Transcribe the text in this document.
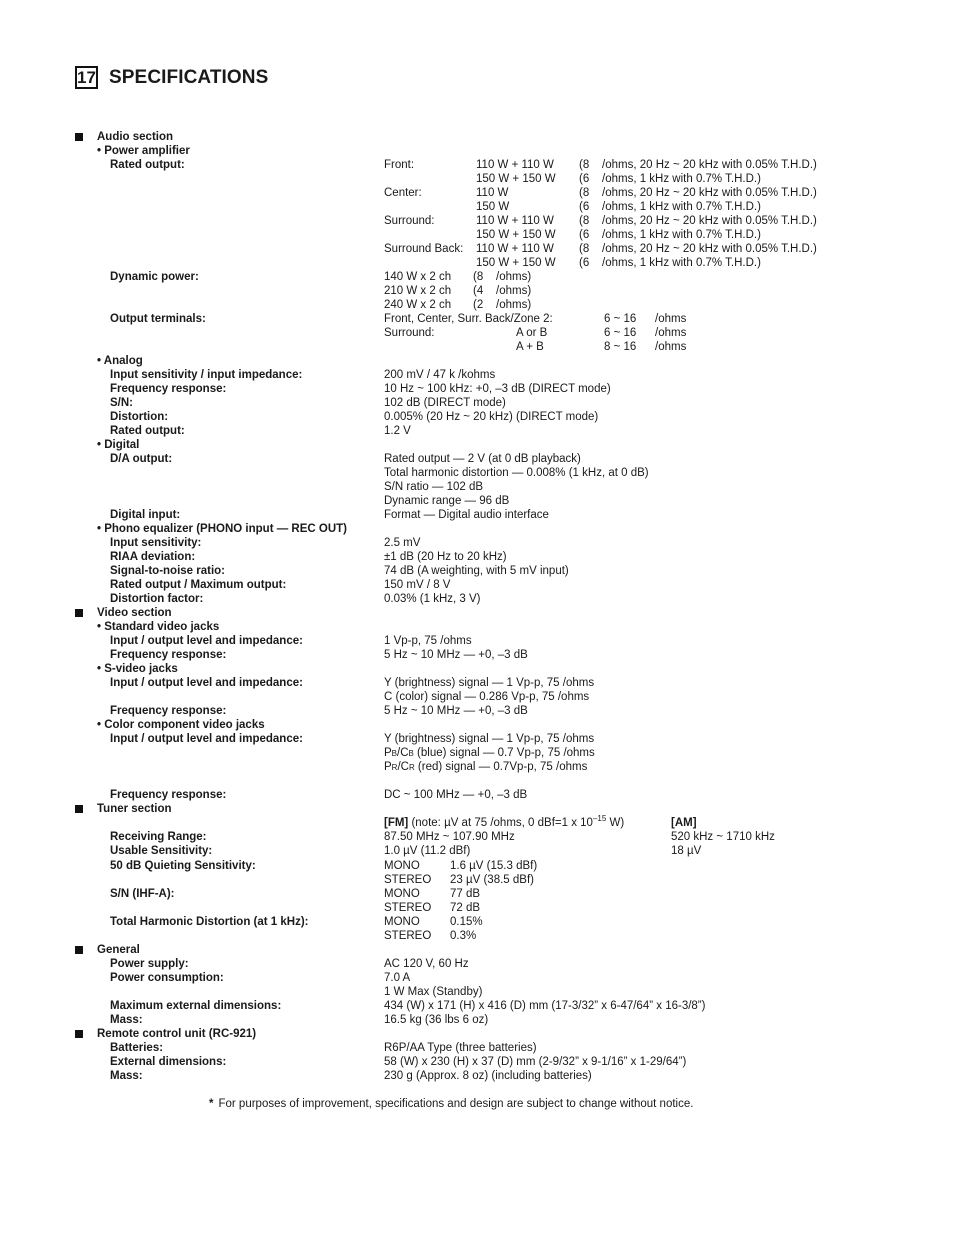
17 SPECIFICATIONS
Audio section
• Power amplifier
Rated output:	Front:	110 W + 110 W (8 /ohms, 20 Hz ~ 20 kHz with 0.05% T.H.D.)
150 W + 150 W (6 /ohms, 1 kHz with 0.7% T.H.D.)
Center:	110 W	(8 /ohms, 20 Hz ~ 20 kHz with 0.05% T.H.D.)
150 W	(6 /ohms, 1 kHz with 0.7% T.H.D.)
Surround:	110 W + 110 W (8 /ohms, 20 Hz ~ 20 kHz with 0.05% T.H.D.)
150 W + 150 W (6 /ohms, 1 kHz with 0.7% T.H.D.)
Surround Back: 110 W + 110 W (8 /ohms, 20 Hz ~ 20 kHz with 0.05% T.H.D.)
150 W + 150 W (6 /ohms, 1 kHz with 0.7% T.H.D.)
Dynamic power:	140 W x 2 ch (8 /ohms)
210 W x 2 ch (4 /ohms)
240 W x 2 ch (2 /ohms)
Output terminals:	Front, Center, Surr. Back/Zone 2:	6 ~ 16 /ohms
Surround:	A or B	6 ~ 16 /ohms
A + B	8 ~ 16 /ohms
• Analog
Input sensitivity / input impedance:	200 mV / 47 k /kohms
Frequency response:	10 Hz ~ 100 kHz: +0, –3 dB (DIRECT mode)
S/N:	102 dB (DIRECT mode)
Distortion:	0.005% (20 Hz ~ 20 kHz) (DIRECT mode)
Rated output:	1.2 V
• Digital
D/A output:	Rated output — 2 V (at 0 dB playback)
Total harmonic distortion — 0.008% (1 kHz, at 0 dB)
S/N ratio — 102 dB
Dynamic range — 96 dB
Digital input:	Format — Digital audio interface
• Phono equalizer (PHONO input — REC OUT)
Input sensitivity:	2.5 mV
RIAA deviation:	±1 dB (20 Hz to 20 kHz)
Signal-to-noise ratio:	74 dB (A weighting, with 5 mV input)
Rated output / Maximum output:	150 mV / 8 V
Distortion factor:	0.03% (1 kHz, 3 V)
Video section
• Standard video jacks
Input / output level and impedance:	1 Vp-p, 75 /ohms
Frequency response:	5 Hz ~ 10 MHz — +0, –3 dB
• S-video jacks
Input / output level and impedance:	Y (brightness) signal — 1 Vp-p, 75 /ohms
C (color) signal — 0.286 Vp-p, 75 /ohms
Frequency response:	5 Hz ~ 10 MHz — +0, –3 dB
• Color component video jacks
Input / output level and impedance:	Y (brightness) signal — 1 Vp-p, 75 /ohms
PB/CB (blue) signal — 0.7 Vp-p, 75 /ohms
PR/CR (red) signal — 0.7Vp-p, 75 /ohms
Frequency response:	DC ~ 100 MHz — +0, –3 dB
Tuner section
[FM] (note: µV at 75 /ohms, 0 dBf=1 x $10^{-15}$ W)	[AM]
Receiving Range:	87.50 MHz ~ 107.90 MHz	520 kHz ~ 1710 kHz
Usable Sensitivity:	1.0 µV (11.2 dBf)	18 µV
50 dB Quieting Sensitivity:	MONO	1.6 µV (15.3 dBf)
STEREO 23 µV (38.5 dBf)
S/N (IHF-A):	MONO	77 dB
STEREO 72 dB
Total Harmonic Distortion (at 1 kHz):	MONO	0.15%
STEREO 0.3%
General
Power supply:	AC 120 V, 60 Hz
Power consumption:	7.0 A
1 W Max (Standby)
Maximum external dimensions:	434 (W) x 171 (H) x 416 (D) mm (17-3/32” x 6-47/64” x 16-3/8”)
Mass:	16.5 kg (36 lbs 6 oz)
Remote control unit (RC-921)
Batteries:	R6P/AA Type (three batteries)
External dimensions:	58 (W) x 230 (H) x 37 (D) mm (2-9/32” x 9-1/16” x 1-29/64”)
Mass:	230 g (Approx. 8 oz) (including batteries)
* For purposes of improvement, specifications and design are subject to change without notice.
